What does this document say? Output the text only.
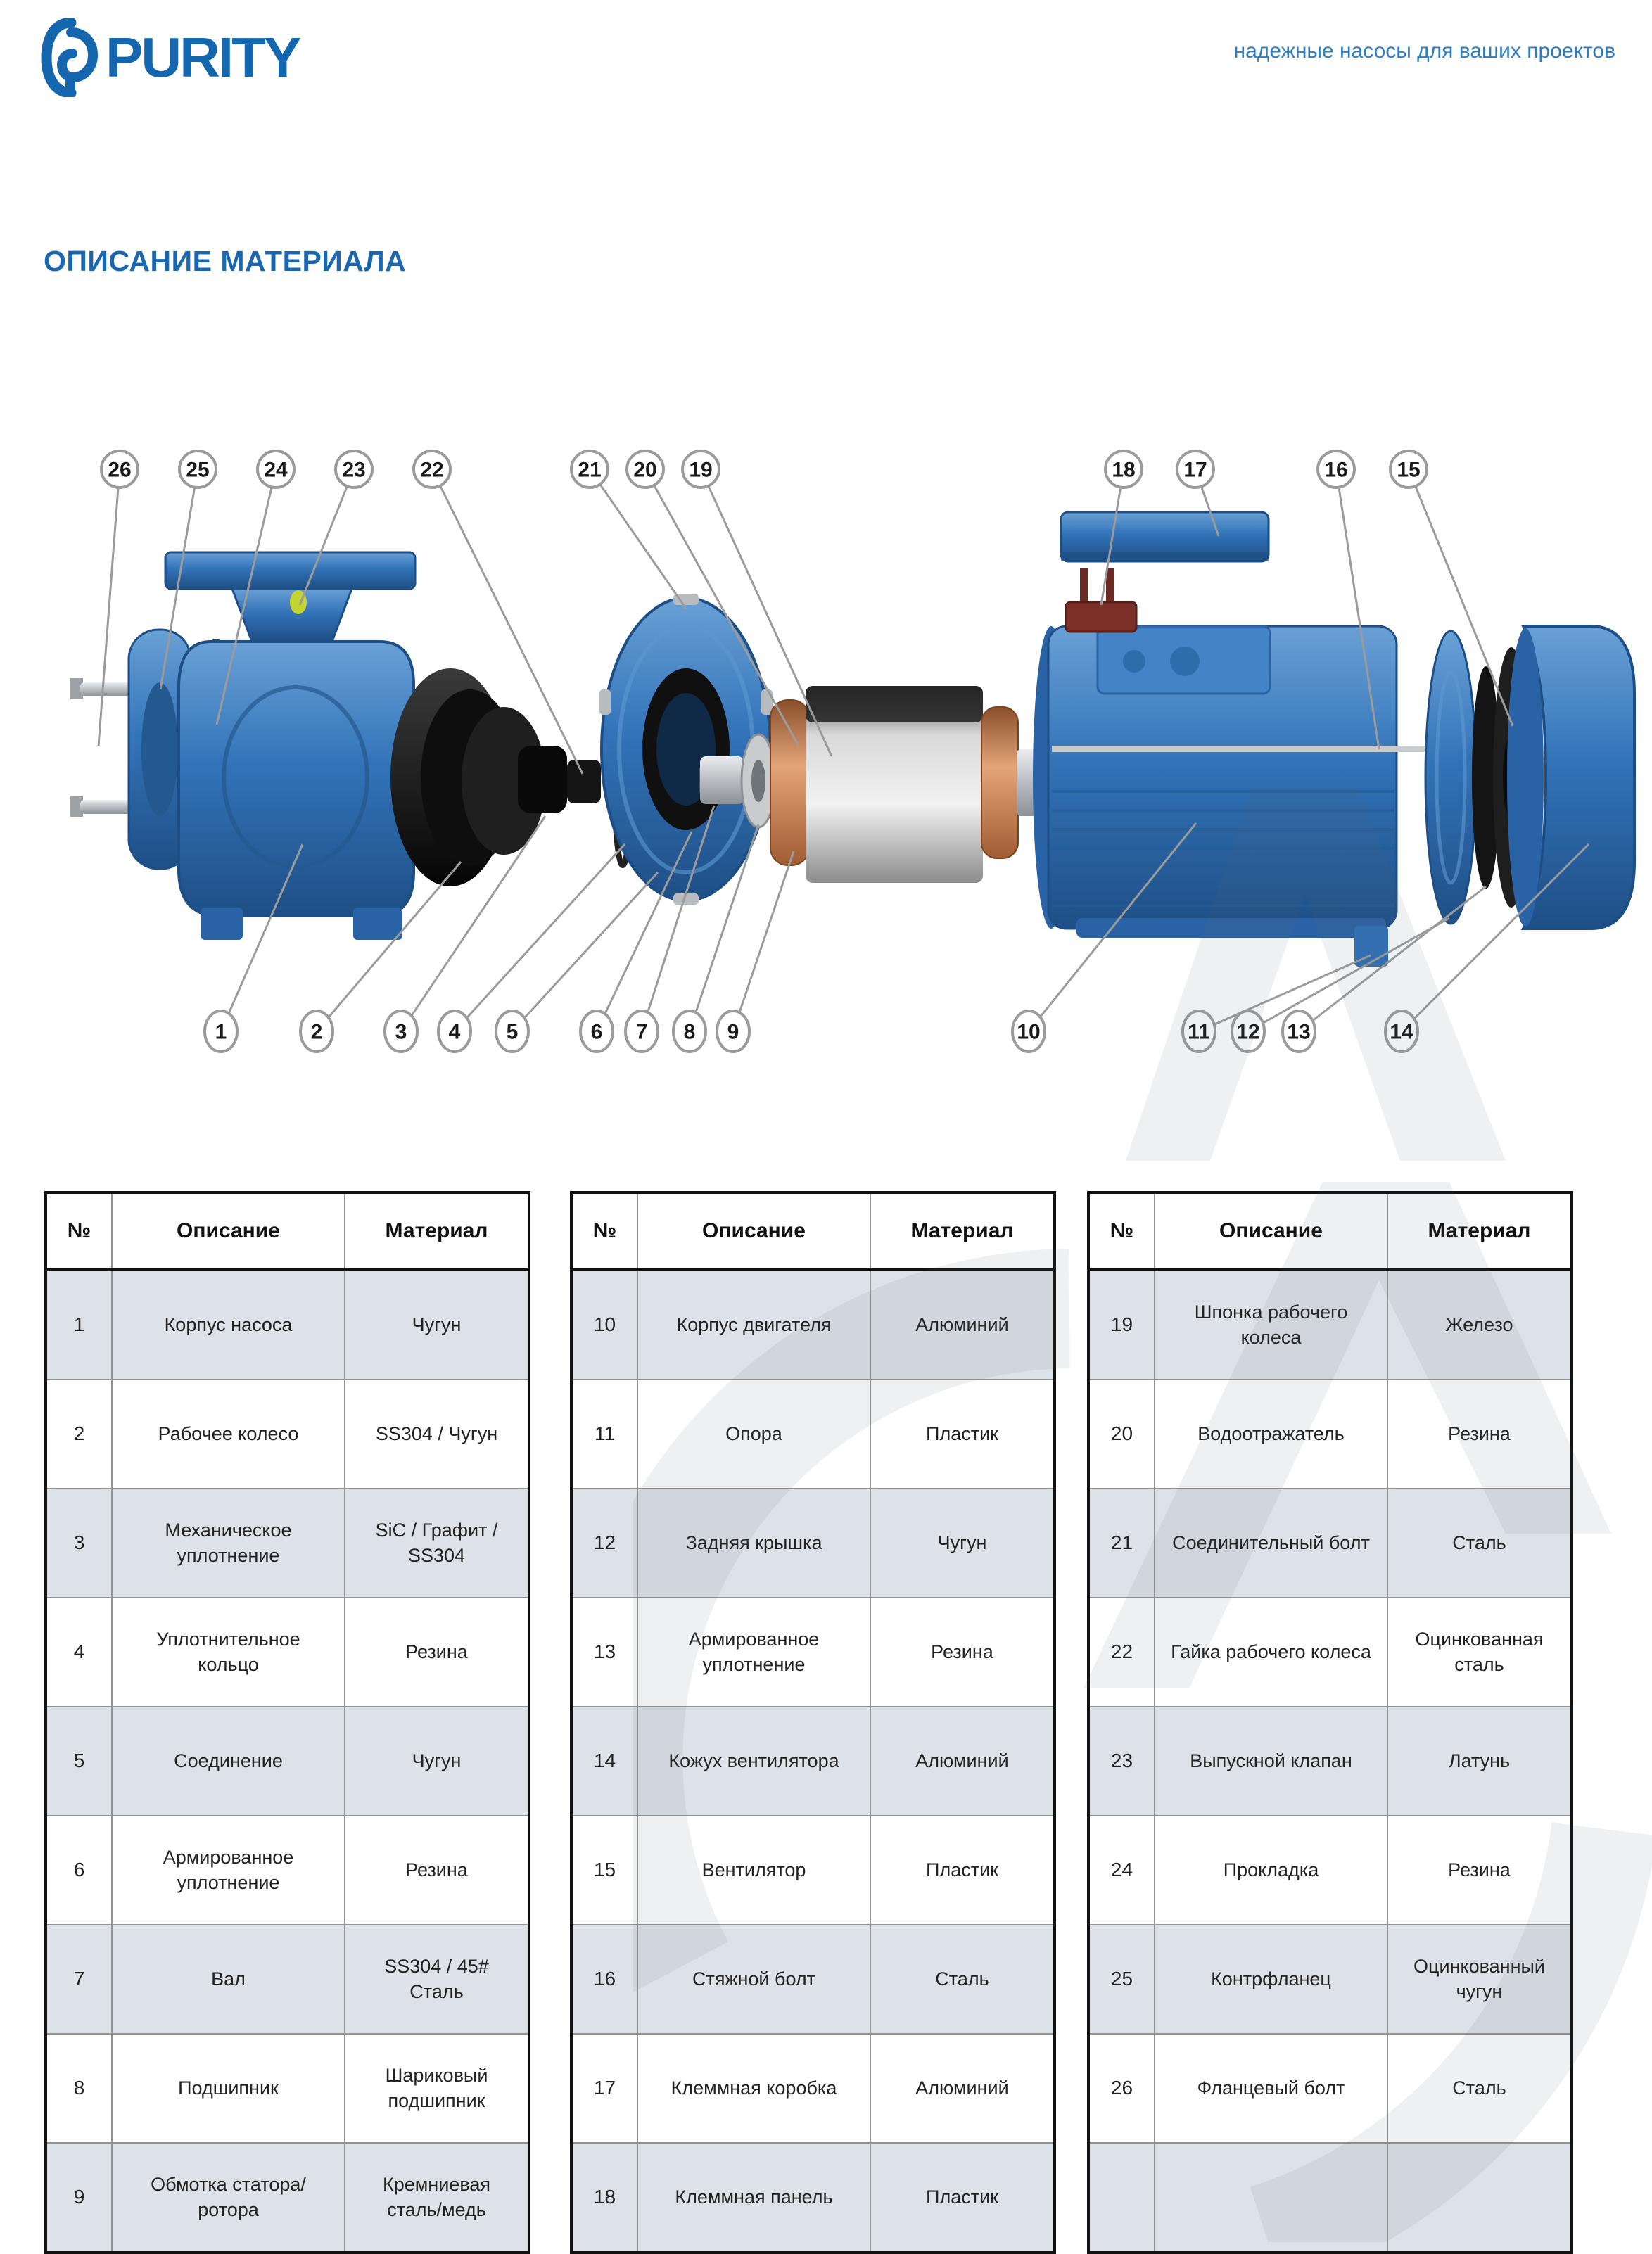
PURITY	надежные насосы для ваших проектов
ОПИСАНИЕ МАТЕРИАЛА
26	25	24	23	22	21 20 19	18 17	16 15
1	2	3 4 5	6 7 8 9	10	11 12 13	14
№	Описание	Материал
1	Корпус насоса	Чугун
2	Рабочее колесо	SS304 / Чугун
3	Механическое уплотнение	SiC / Графит / SS304
4	Уплотнительное кольцо	Резина
5	Соединение	Чугун
6	Армированное уплотнение	Резина
7	Вал	SS304 / 45# Сталь
8	Подшипник	Шариковый подшипник
9	Обмотка статора/ ротора	Кремниевая сталь/медь
№	Описание	Материал
10	Корпус двигателя	Алюминий
11	Опора	Пластик
12	Задняя крышка	Чугун
13	Армированное уплотнение	Резина
14	Кожух вентилятора	Алюминий
15	Вентилятор	Пластик
16	Стяжной болт	Сталь
17	Клеммная коробка	Алюминий
18	Клеммная панель	Пластик
№	Описание	Материал
19	Шпонка рабочего колеса	Железо
20	Водоотражатель	Резина
21	Соединительный болт	Сталь
22	Гайка рабочего колеса	Оцинкованная сталь
23	Выпускной клапан	Латунь
24	Прокладка	Резина
25	Контрфланец	Оцинкованный чугун
26	Фланцевый болт	Сталь
